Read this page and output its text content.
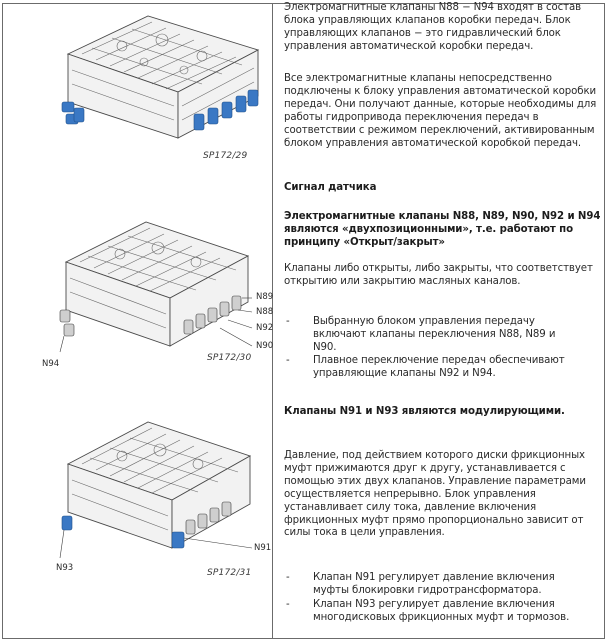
SP172/29
N89
N88
N92
N90
N94
SP172/30
N91
N93	SP172/31
Электромагнитные клапаны N88 − N94 входят в состав блока управляющих клапанов коробки передач. Блок управляющих клапанов − это гидравлический блок управления автоматической коробки передач.
Все электромагнитные клапаны непосредственно подключены к блоку управления автоматической коробки передач. Они получают данные, которые необходимы для работы гидропривода переключения передач в соответствии с режимом переключений, активированным блоком управления автоматической коробкой передач.
Сигнал датчика
Электромагнитные клапаны N88, N89, N90, N92 и N94 являются «двухпозиционными», т.е. работают по принципу «Открыт/закрыт»
Клапаны либо открыты, либо закрыты, что соответствует открытию или закрытию масляных каналов.
- Выбранную блоком управления передачу включают клапаны переключения N88, N89 и N90.
- Плавное переключение передач обеспечивают управляющие клапаны N92 и N94.
Клапаны N91 и N93 являются модулирующими.
Давление, под действием которого диски фрикционных муфт прижимаются друг к другу, устанавливается с помощью этих двух клапанов. Управление параметрами осуществляется непрерывно. Блок управления устанавливает силу тока, давление включения фрикционных муфт прямо пропорционально зависит от силы тока в цели управления.
- Клапан N91 регулирует давление включения муфты блокировки гидротрансформатора.
- Клапан N93 регулирует давление включения многодисковых фрикционных муфт и тормозов.
